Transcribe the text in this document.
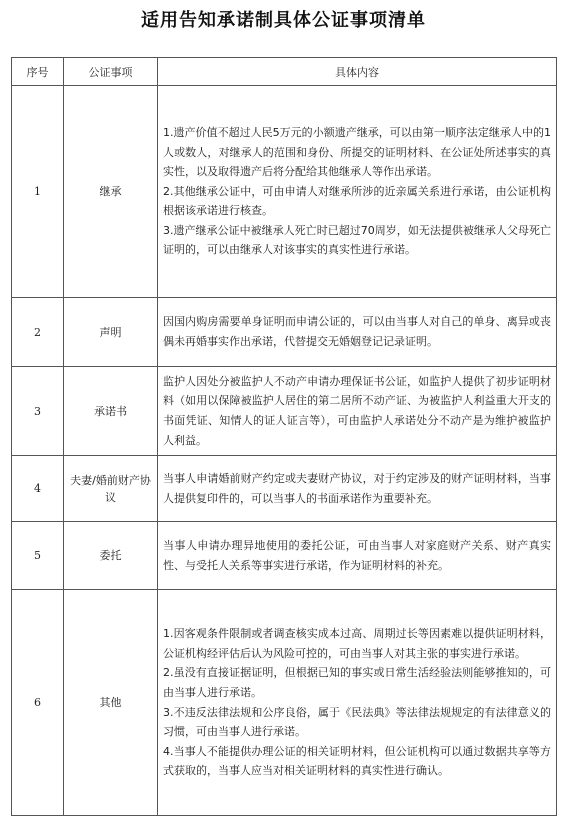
适用告知承诺制具体公证事项清单
序号	公证事项	具体内容
1	继承	1.遗产价值不超过人民5万元的小额遗产继承，可以由第一顺序法定继承人中的1人或数人，对继承人的范围和身份、所提交的证明材料、在公证处所述事实的真实性，以及取得遗产后将分配给其他继承人等作出承诺。

2.其他继承公证中，可由申请人对继承所涉的近亲属关系进行承诺，由公证机构根据该承诺进行核查。

3.遗产继承公证中被继承人死亡时已超过70周岁，如无法提供被继承人父母死亡证明的，可以由继承人对该事实的真实性进行承诺。

2	声明	因国内购房需要单身证明而申请公证的，可以由当事人对自己的单身、离异或丧偶未再婚事实作出承诺，代替提交无婚姻登记记录证明。

3	承诺书	监护人因处分被监护人不动产申请办理保证书公证，如监护人提供了初步证明材料（如用以保障被监护人居住的第二居所不动产证、为被监护人利益重大开支的书面凭证、知情人的证人证言等），可由监护人承诺处分不动产是为维护被监护人利益。

4	夫妻/婚前财产协议	当事人申请婚前财产约定或夫妻财产协议，对于约定涉及的财产证明材料，当事人提供复印件的，可以当事人的书面承诺作为重要补充。

5	委托	当事人申请办理异地使用的委托公证，可由当事人对家庭财产关系、财产真实性、与受托人关系等事实进行承诺，作为证明材料的补充。

6	其他	1.因客观条件限制或者调查核实成本过高、周期过长等因素难以提供证明材料，公证机构经评估后认为风险可控的，可由当事人对其主张的事实进行承诺。

2.虽没有直接证据证明，但根据已知的事实或日常生活经验法则能够推知的，可由当事人进行承诺。

3.不违反法律法规和公序良俗，属于《民法典》等法律法规规定的有法律意义的习惯，可由当事人进行承诺。

4.当事人不能提供办理公证的相关证明材料，但公证机构可以通过数据共享等方式获取的，当事人应当对相关证明材料的真实性进行确认。
